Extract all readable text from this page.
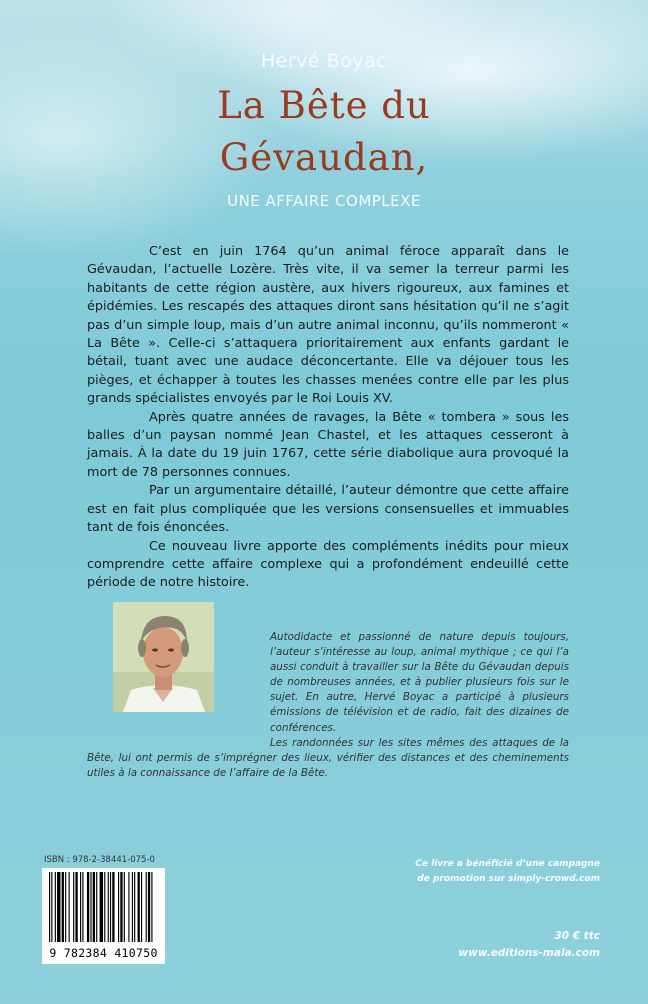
Hervé Boyac
La Bête du
Gévaudan,
UNE AFFAIRE COMPLEXE

C’est en juin 1764 qu’un animal féroce apparaît dans le Gévaudan, l’actuelle Lozère. Très vite, il va semer la terreur parmi les habitants de cette région austère, aux hivers rigoureux, aux famines et épidémies. Les rescapés des attaques diront sans hésitation qu’il ne s’agit pas d’un simple loup, mais d’un autre animal inconnu, qu’ils nommeront « La Bête ». Celle-ci s’attaquera prioritairement aux enfants gardant le bétail, tuant avec une audace déconcertante. Elle va déjouer tous les pièges, et échapper à toutes les chasses menées contre elle par les plus grands spécialistes envoyés par le Roi Louis XV.

Après quatre années de ravages, la Bête « tombera » sous les balles d’un paysan nommé Jean Chastel, et les attaques cesseront à jamais. À la date du 19 juin 1767, cette série diabolique aura provoqué la mort de 78 personnes connues.

Par un argumentaire détaillé, l’auteur démontre que cette affaire est en fait plus compliquée que les versions consensuelles et immuables tant de fois énoncées.

Ce nouveau livre apporte des compléments inédits pour mieux comprendre cette affaire complexe qui a profondément endeuillé cette période de notre histoire.

Autodidacte et passionné de nature depuis toujours, l’auteur s’intéresse au loup, animal mythique ; ce qui l’a aussi conduit à travailler sur la Bête du Gévaudan depuis de nombreuses années, et à publier plusieurs fois sur le sujet. En autre, Hervé Boyac a participé à plusieurs émissions de télévision et de radio, fait des dizaines de conférences.

Les randonnées sur les sites mêmes des attaques de la Bête, lui ont permis de s’imprégner des lieux, vérifier des distances et des cheminements utiles à la connaissance de l’affaire de la Bête.

ISBN : 978-2-38441-075-0
9 782384 410750
Ce livre a bénéficié d’une campagne
de promotion sur simply-crowd.com
30 € ttc
www.editions-mala.com
